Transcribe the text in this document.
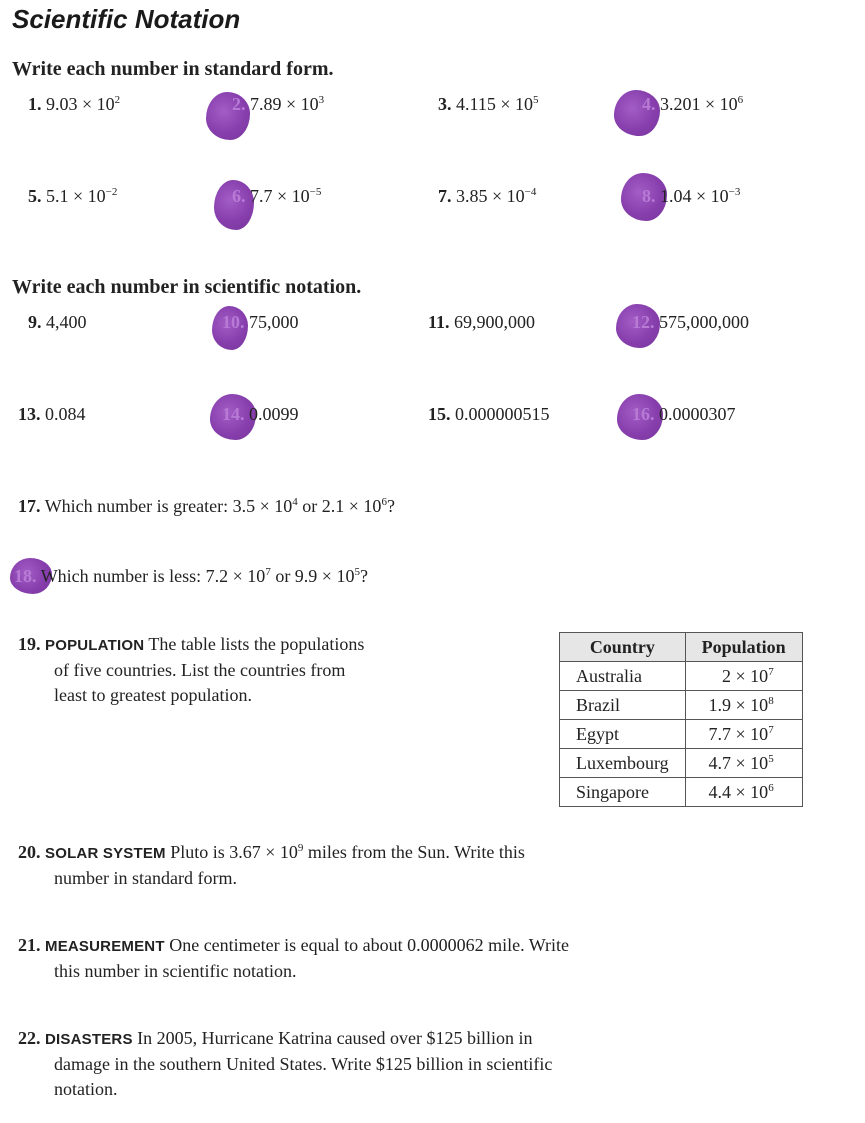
Scientific Notation
Write each number in standard form.
1. $9.03 \times 10^2$	2. $7.89 \times 10^3$	3. $4.115 \times 10^5$	4. $3.201 \times 10^6$
5. $5.1 \times 10^{-2}$	6. $7.7 \times 10^{-5}$	7. $3.85 \times 10^{-4}$	8. $1.04 \times 10^{-3}$
Write each number in scientific notation.
9. 4,400	10. 75,000	11. 69,900,000	12. 575,000,000
13. 0.084	14. 0.0099	15. 0.000000515	16. 0.0000307
17. Which number is greater: $3.5 \times 10^4$ or $2.1 \times 10^6$?
18. Which number is less: $7.2 \times 10^7$ or $9.9 \times 10^5$?
19. POPULATION The table lists the populations
of five countries. List the countries from
least to greatest population.
Country	Population
Australia	$2 \times 10^7$
Brazil	$1.9 \times 10^8$
Egypt	$7.7 \times 10^7$
Luxembourg	$4.7 \times 10^5$
Singapore	$4.4 \times 10^6$
20. SOLAR SYSTEM Pluto is $3.67 \times 10^9$ miles from the Sun. Write this
number in standard form.
21. MEASUREMENT One centimeter is equal to about 0.0000062 mile. Write
this number in scientific notation.
22. DISASTERS In 2005, Hurricane Katrina caused over $125 billion in
damage in the southern United States. Write $125 billion in scientific
notation.
